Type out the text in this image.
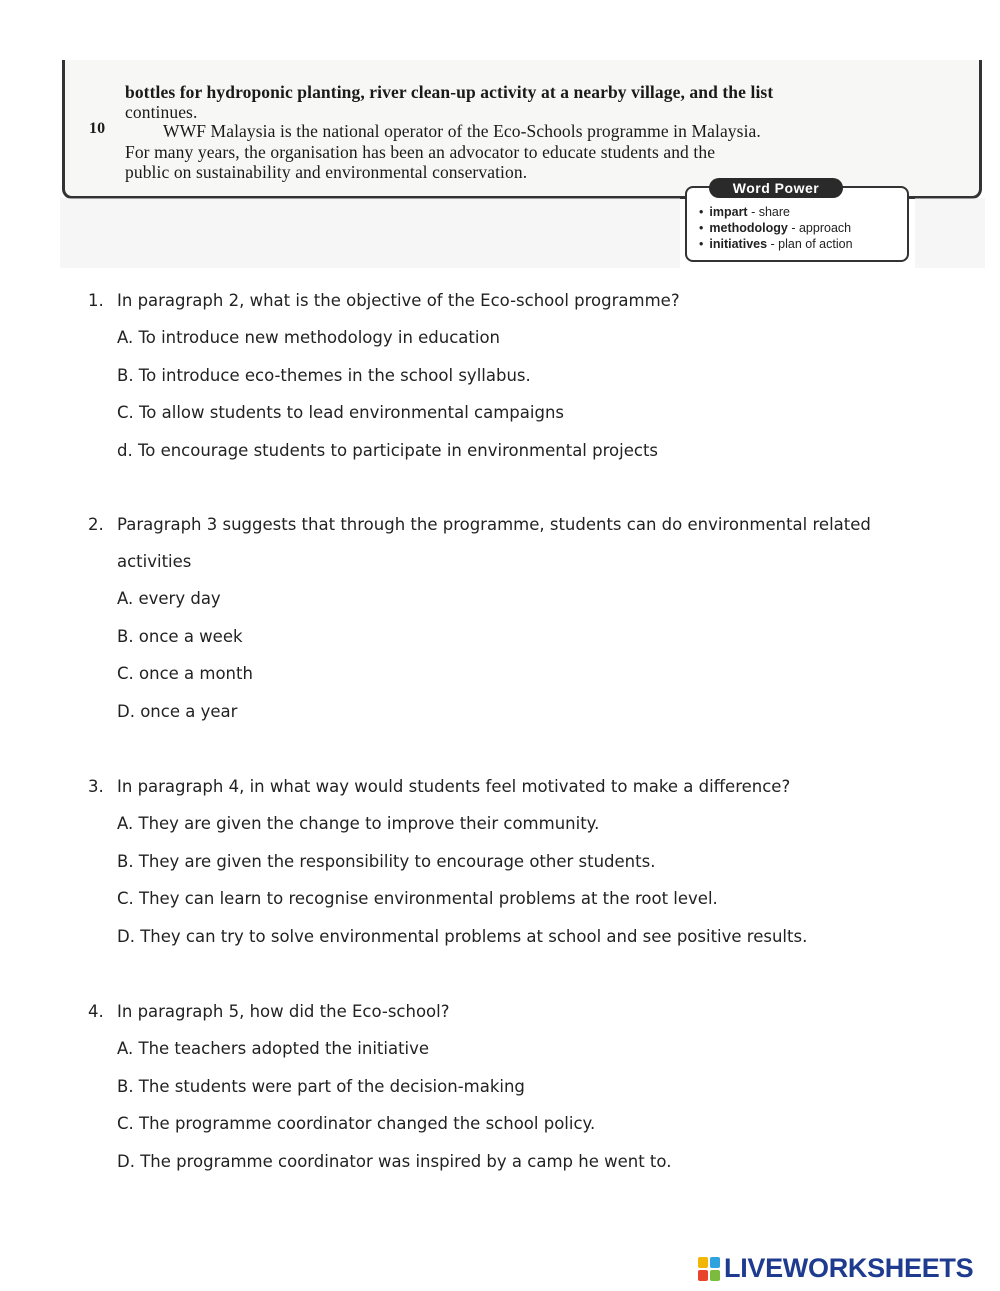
bottles for hydroponic planting, river clean-up activity at a nearby village, and the list
continues.
10	WWF Malaysia is the national operator of the Eco-Schools programme in Malaysia.
For many years, the organisation has been an advocator to educate students and the
public on sustainability and environmental conservation.
Word Power
• impart - share
• methodology - approach
• initiatives - plan of action

1. In paragraph 2, what is the objective of the Eco-school programme?

A. To introduce new methodology in education
B. To introduce eco-themes in the school syllabus.
C. To allow students to lead environmental campaigns
d. To encourage students to participate in environmental projects

2. Paragraph 3 suggests that through the programme, students can do environmental related activities

A. every day
B. once a week
C. once a month
D. once a year

3. In paragraph 4, in what way would students feel motivated to make a difference?

A. They are given the change to improve their community.
B. They are given the responsibility to encourage other students.
C. They can learn to recognise environmental problems at the root level.
D. They can try to solve environmental problems at school and see positive results.

4. In paragraph 5, how did the Eco-school?

A. The teachers adopted the initiative
B. The students were part of the decision-making
C. The programme coordinator changed the school policy.
D. The programme coordinator was inspired by a camp he went to.
LIVEWORKSHEETS
